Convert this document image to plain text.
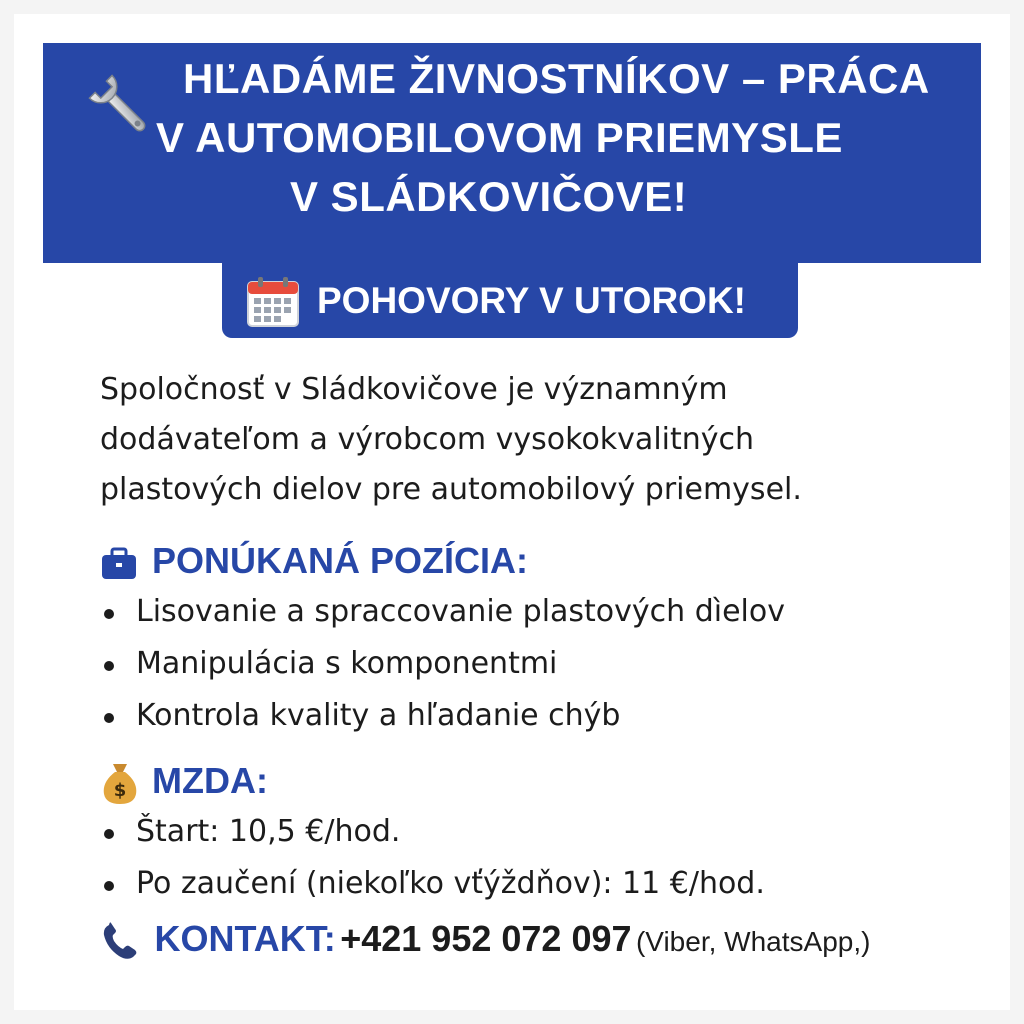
HĽADÁME ŽIVNOSTNÍKOV – PRÁCA
V AUTOMOBILOVOM PRIEMYSLE
V SLÁDKOVIČOVE!
POHOVORY V UTOROK!
Spoločnosť v Sládkovičove je významným
dodávateľom a výrobcom vysokokvalitných
plastových dielov pre automobilový priemysel.
PONÚKANÁ POZÍCIA:
Lisovanie a spraccovanie plastových dìelov
Manipulácia s komponentmi
Kontrola kvality a hľadanie chýb
$ MZDA:
Štart: 10,5 €/hod.
Po zaučení (niekoľko vťýždňov): 11 €/hod.
KONTAKT: +421 952 072 097 (Viber, WhatsApp,)
